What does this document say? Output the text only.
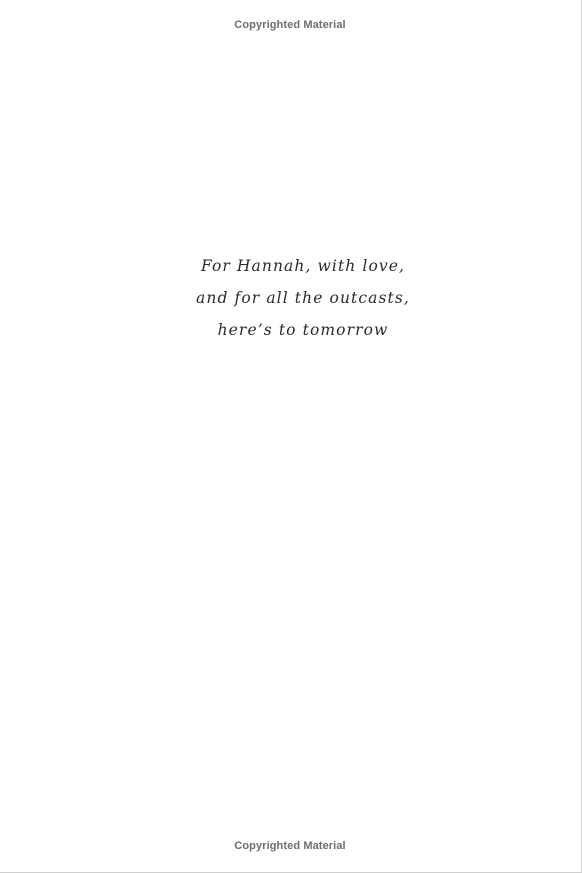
Copyrighted Material
For Hannah, with love,
and for all the outcasts,
here’s to tomorrow
Copyrighted Material
